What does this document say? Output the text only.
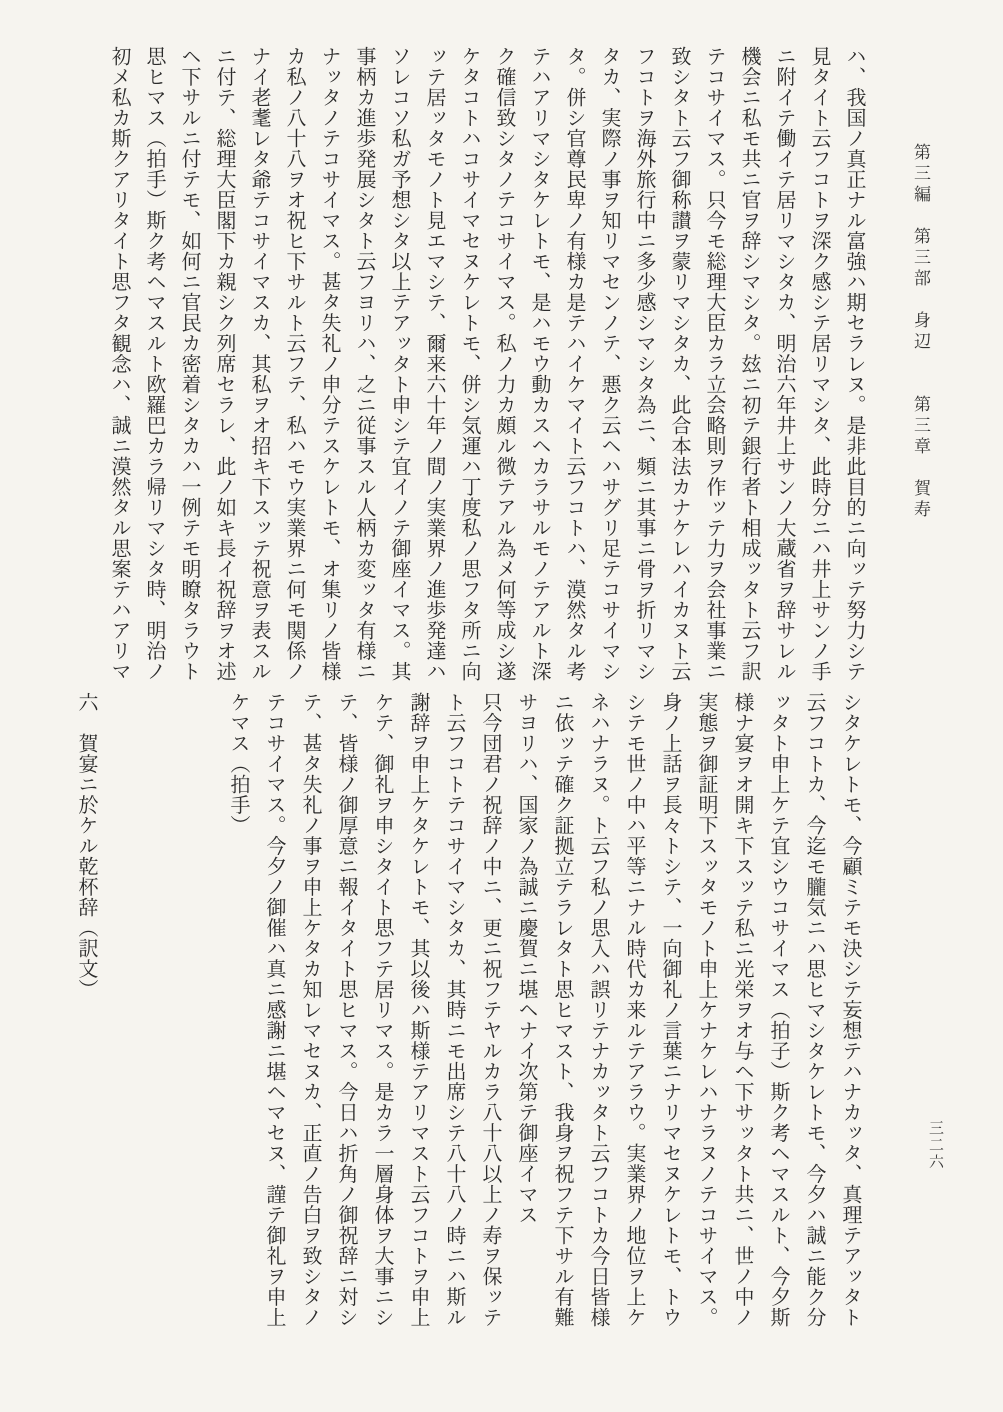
第三編　第三部　身辺　　第三章　賀寿
三二六

ハ、我国ノ真正ナル富強ハ期セラレヌ。是非此目的ニ向ッテ努力シテ

見タイト云フコトヲ深ク感シテ居リマシタ、此時分ニハ井上サンノ手

ニ附イテ働イテ居リマシタカ、明治六年井上サンノ大蔵省ヲ辞サレル

機会ニ私モ共ニ官ヲ辞シマシタ。玆ニ初テ銀行者ト相成ッタト云フ訳

テコサイマス。只今モ総理大臣カラ立会略則ヲ作ッテ力ヲ会社事業ニ

致シタト云フ御称讃ヲ蒙リマシタカ、此合本法カナケレハイカヌト云

フコトヲ海外旅行中ニ多少感シマシタ為ニ、頻ニ其事ニ骨ヲ折リマシ

タカ、実際ノ事ヲ知リマセンノテ、悪ク云ヘハサグリ足テコサイマシ

タ。併シ官尊民卑ノ有様カ是テハイケマイト云フコトハ、漠然タル考

テハアリマシタケレトモ、是ハモウ動カスヘカラサルモノテアルト深

ク確信致シタノテコサイマス。私ノ力カ頗ル微テアル為メ何等成シ遂

ケタコトハコサイマセヌケレトモ、併シ気運ハ丁度私ノ思フタ所ニ向

ッテ居ッタモノト見エマシテ、爾来六十年ノ間ノ実業界ノ進歩発達ハ

ソレコソ私ガ予想シタ以上テアッタト申シテ宜イノテ御座イマス。其

事柄カ進歩発展シタト云フヨリハ、之ニ従事スル人柄カ変ッタ有様ニ

ナッタノテコサイマス。甚タ失礼ノ申分テスケレトモ、オ集リノ皆様

カ私ノ八十八ヲオ祝ヒ下サルト云フテ、私ハモウ実業界ニ何モ関係ノ

ナイ老耄レタ爺テコサイマスカ、其私ヲオ招キ下スッテ祝意ヲ表スル

ニ付テ、総理大臣閣下カ親シク列席セラレ、此ノ如キ長イ祝辞ヲオ述

ヘ下サルニ付テモ、如何ニ官民カ密着シタカハ一例テモ明瞭タラウト

思ヒマス（拍手）斯ク考ヘマスルト欧羅巴カラ帰リマシタ時、明治ノ

初メ私カ斯クアリタイト思フタ観念ハ、誠ニ漠然タル思案テハアリマ

シタケレトモ、今顧ミテモ決シテ妄想テハナカッタ、真理テアッタト

云フコトカ、今迄モ朧気ニハ思ヒマシタケレトモ、今夕ハ誠ニ能ク分

ッタト申上ケテ宜シウコサイマス（拍子）斯ク考ヘマスルト、今夕斯

様ナ宴ヲオ開キ下スッテ私ニ光栄ヲオ与ヘ下サッタト共ニ、世ノ中ノ

実態ヲ御証明下スッタモノト申上ケナケレハナラヌノテコサイマス。

身ノ上話ヲ長々トシテ、一向御礼ノ言葉ニナリマセヌケレトモ、トウ

シテモ世ノ中ハ平等ニナル時代カ来ルテアラウ。実業界ノ地位ヲ上ケ

ネハナラヌ。ト云フ私ノ思入ハ誤リテナカッタト云フコトカ今日皆様

ニ依ッテ確ク証拠立テラレタト思ヒマスト、我身ヲ祝フテ下サル有難

サヨリハ、国家ノ為誠ニ慶賀ニ堪ヘナイ次第テ御座イマス

只今団君ノ祝辞ノ中ニ、更ニ祝フテヤルカラ八十八以上ノ寿ヲ保ッテ

ト云フコトテコサイマシタカ、其時ニモ出席シテ八十八ノ時ニハ斯ル

謝辞ヲ申上ケタケレトモ、其以後ハ斯様テアリマスト云フコトヲ申上

ケテ、御礼ヲ申シタイト思フテ居リマス。是カラ一層身体ヲ大事ニシ

テ、皆様ノ御厚意ニ報イタイト思ヒマス。今日ハ折角ノ御祝辞ニ対シ

テ、甚タ失礼ノ事ヲ申上ケタカ知レマセヌカ、正直ノ告白ヲ致シタノ

テコサイマス。今夕ノ御催ハ真ニ感謝ニ堪ヘマセヌ、謹テ御礼ヲ申上

ケマス（拍手）

六　賀宴ニ於ケル乾杯辞（訳文）
